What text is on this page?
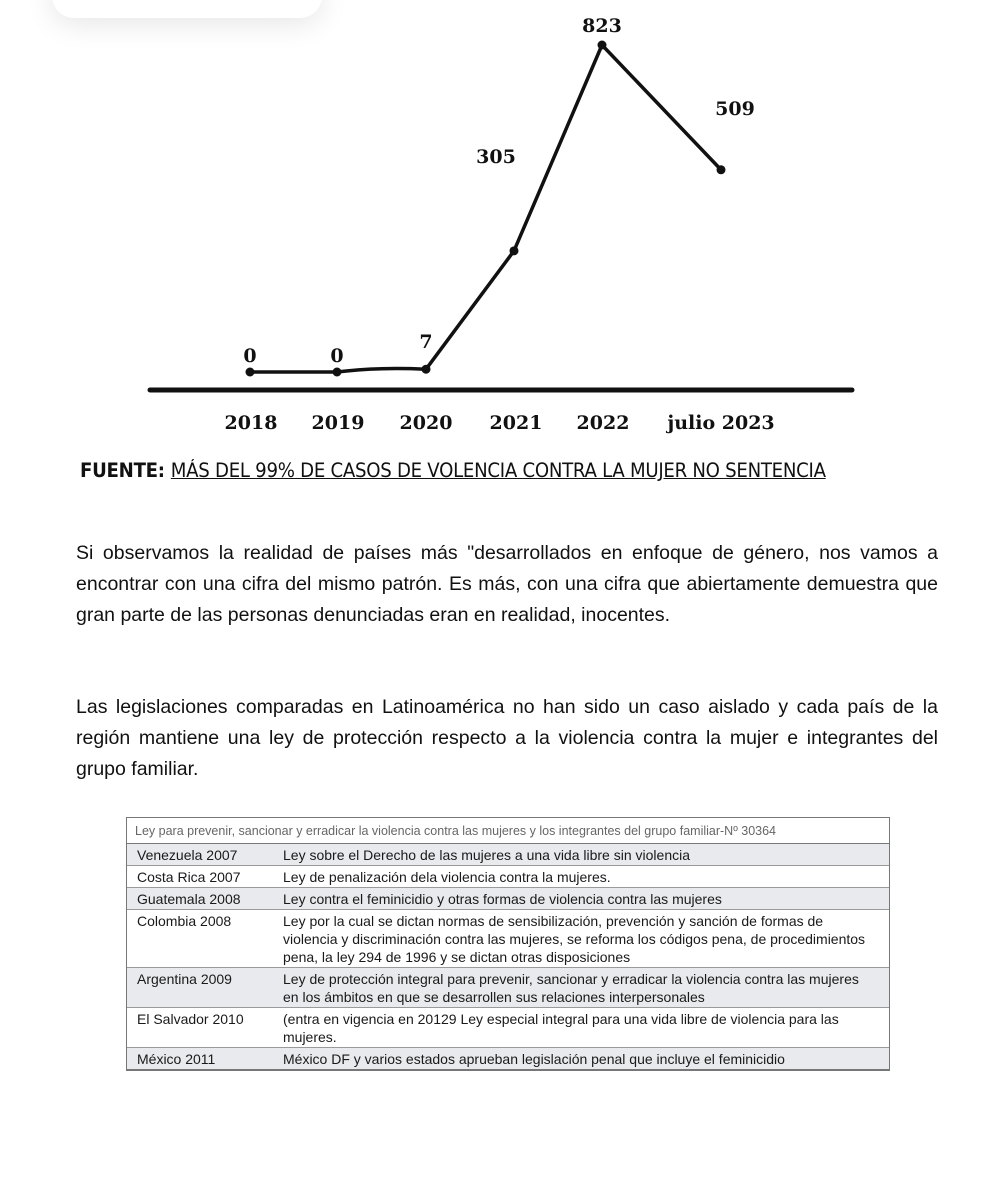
0	0
7
305
823
509
2018 2019 2020 2021 2022 julio 2023
FUENTE: MÁS DEL 99% DE CASOS DE VOLENCIA CONTRA LA MUJER NO SENTENCIA

Si observamos la realidad de países más "desarrollados en enfoque de género, nos vamos a encontrar con una cifra del mismo patrón. Es más, con una cifra que abiertamente demuestra que gran parte de las personas denunciadas eran en realidad, inocentes.

Las legislaciones comparadas en Latinoamérica no han sido un caso aislado y cada país de la región mantiene una ley de protección respecto a la violencia contra la mujer e integrantes del grupo familiar.

Ley para prevenir, sancionar y erradicar la violencia contra las mujeres y los integrantes del grupo familiar-Nº 30364
Venezuela 2007	Ley sobre el Derecho de las mujeres a una vida libre sin violencia
Costa Rica 2007	Ley de penalización dela violencia contra la mujeres.
Guatemala 2008	Ley contra el feminicidio y otras formas de violencia contra las mujeres
Colombia 2008	Ley por la cual se dictan normas de sensibilización, prevención y sanción de formas de violencia y discriminación contra las mujeres, se reforma los códigos pena, de procedimientos pena, la ley 294 de 1996 y se dictan otras disposiciones
Argentina 2009	Ley de protección integral para prevenir, sancionar y erradicar la violencia contra las mujeres en los ámbitos en que se desarrollen sus relaciones interpersonales
El Salvador 2010	(entra en vigencia en 20129 Ley especial integral para una vida libre de violencia para las mujeres.
México 2011	México DF y varios estados aprueban legislación penal que incluye el feminicidio
